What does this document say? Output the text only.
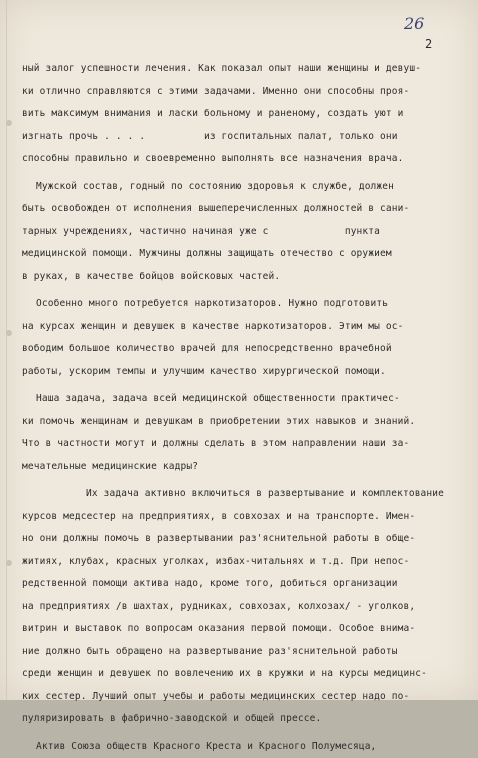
26
2
ный залог успешности лечения. Как показал опыт наши женщины и девуш-
ки отлично справляются с этими задачами. Именно они способны проя-
вить максимум внимания и ласки больному и раненому, создать уют и
изгнать прочь . . . .          из госпитальных палат, только они
способны правильно и своевременно выполнять все назначения врача.
Мужской состав, годный по состоянию здоровья к службе, должен
быть освобожден от исполнения вышеперечисленных должностей в сани-
тарных учреждениях, частично начиная уже с             пункта
медицинской помощи. Мужчины должны защищать отечество с оружием
в руках, в качестве бойцов войсковых частей.
Особенно много потребуется наркотизаторов. Нужно подготовить
на курсах женщин и девушек в качестве наркотизаторов. Этим мы ос-
вободим большое количество врачей для непосредственно врачебной
работы, ускорим темпы и улучшим качество хирургической помощи.
Наша задача, задача всей медицинской общественности практичес-
ки помочь женщинам и девушкам в приобретении этих навыков и знаний.
Что в частности могут и должны сделать в этом направлении наши за-
мечательные медицинские кадры?
Их задача активно включиться в развертывание и комплектование
курсов медсестер на предприятиях, в совхозах и на транспорте. Имен-
но они должны помочь в развертывании раз'яснительной работы в обще-
житиях, клубах, красных уголках, избах-читальнях и т.д. При непос-
редственной помощи актива надо, кроме того, добиться организации
на предприятиях /в шахтах, рудниках, совхозах, колхозах/ - уголков,
витрин и выставок по вопросам оказания первой помощи. Особое внима-
ние должно быть обращено на развертывание раз'яснительной работы
среди женщин и девушек по вовлечению их в кружки и на курсы медицинс-
ких сестер. Лучший опыт учебы и работы медицинских сестер надо по-
пуляризировать в фабрично-заводской и общей прессе.
Актив Союза обществ Красного Креста и Красного Полумесяца,
